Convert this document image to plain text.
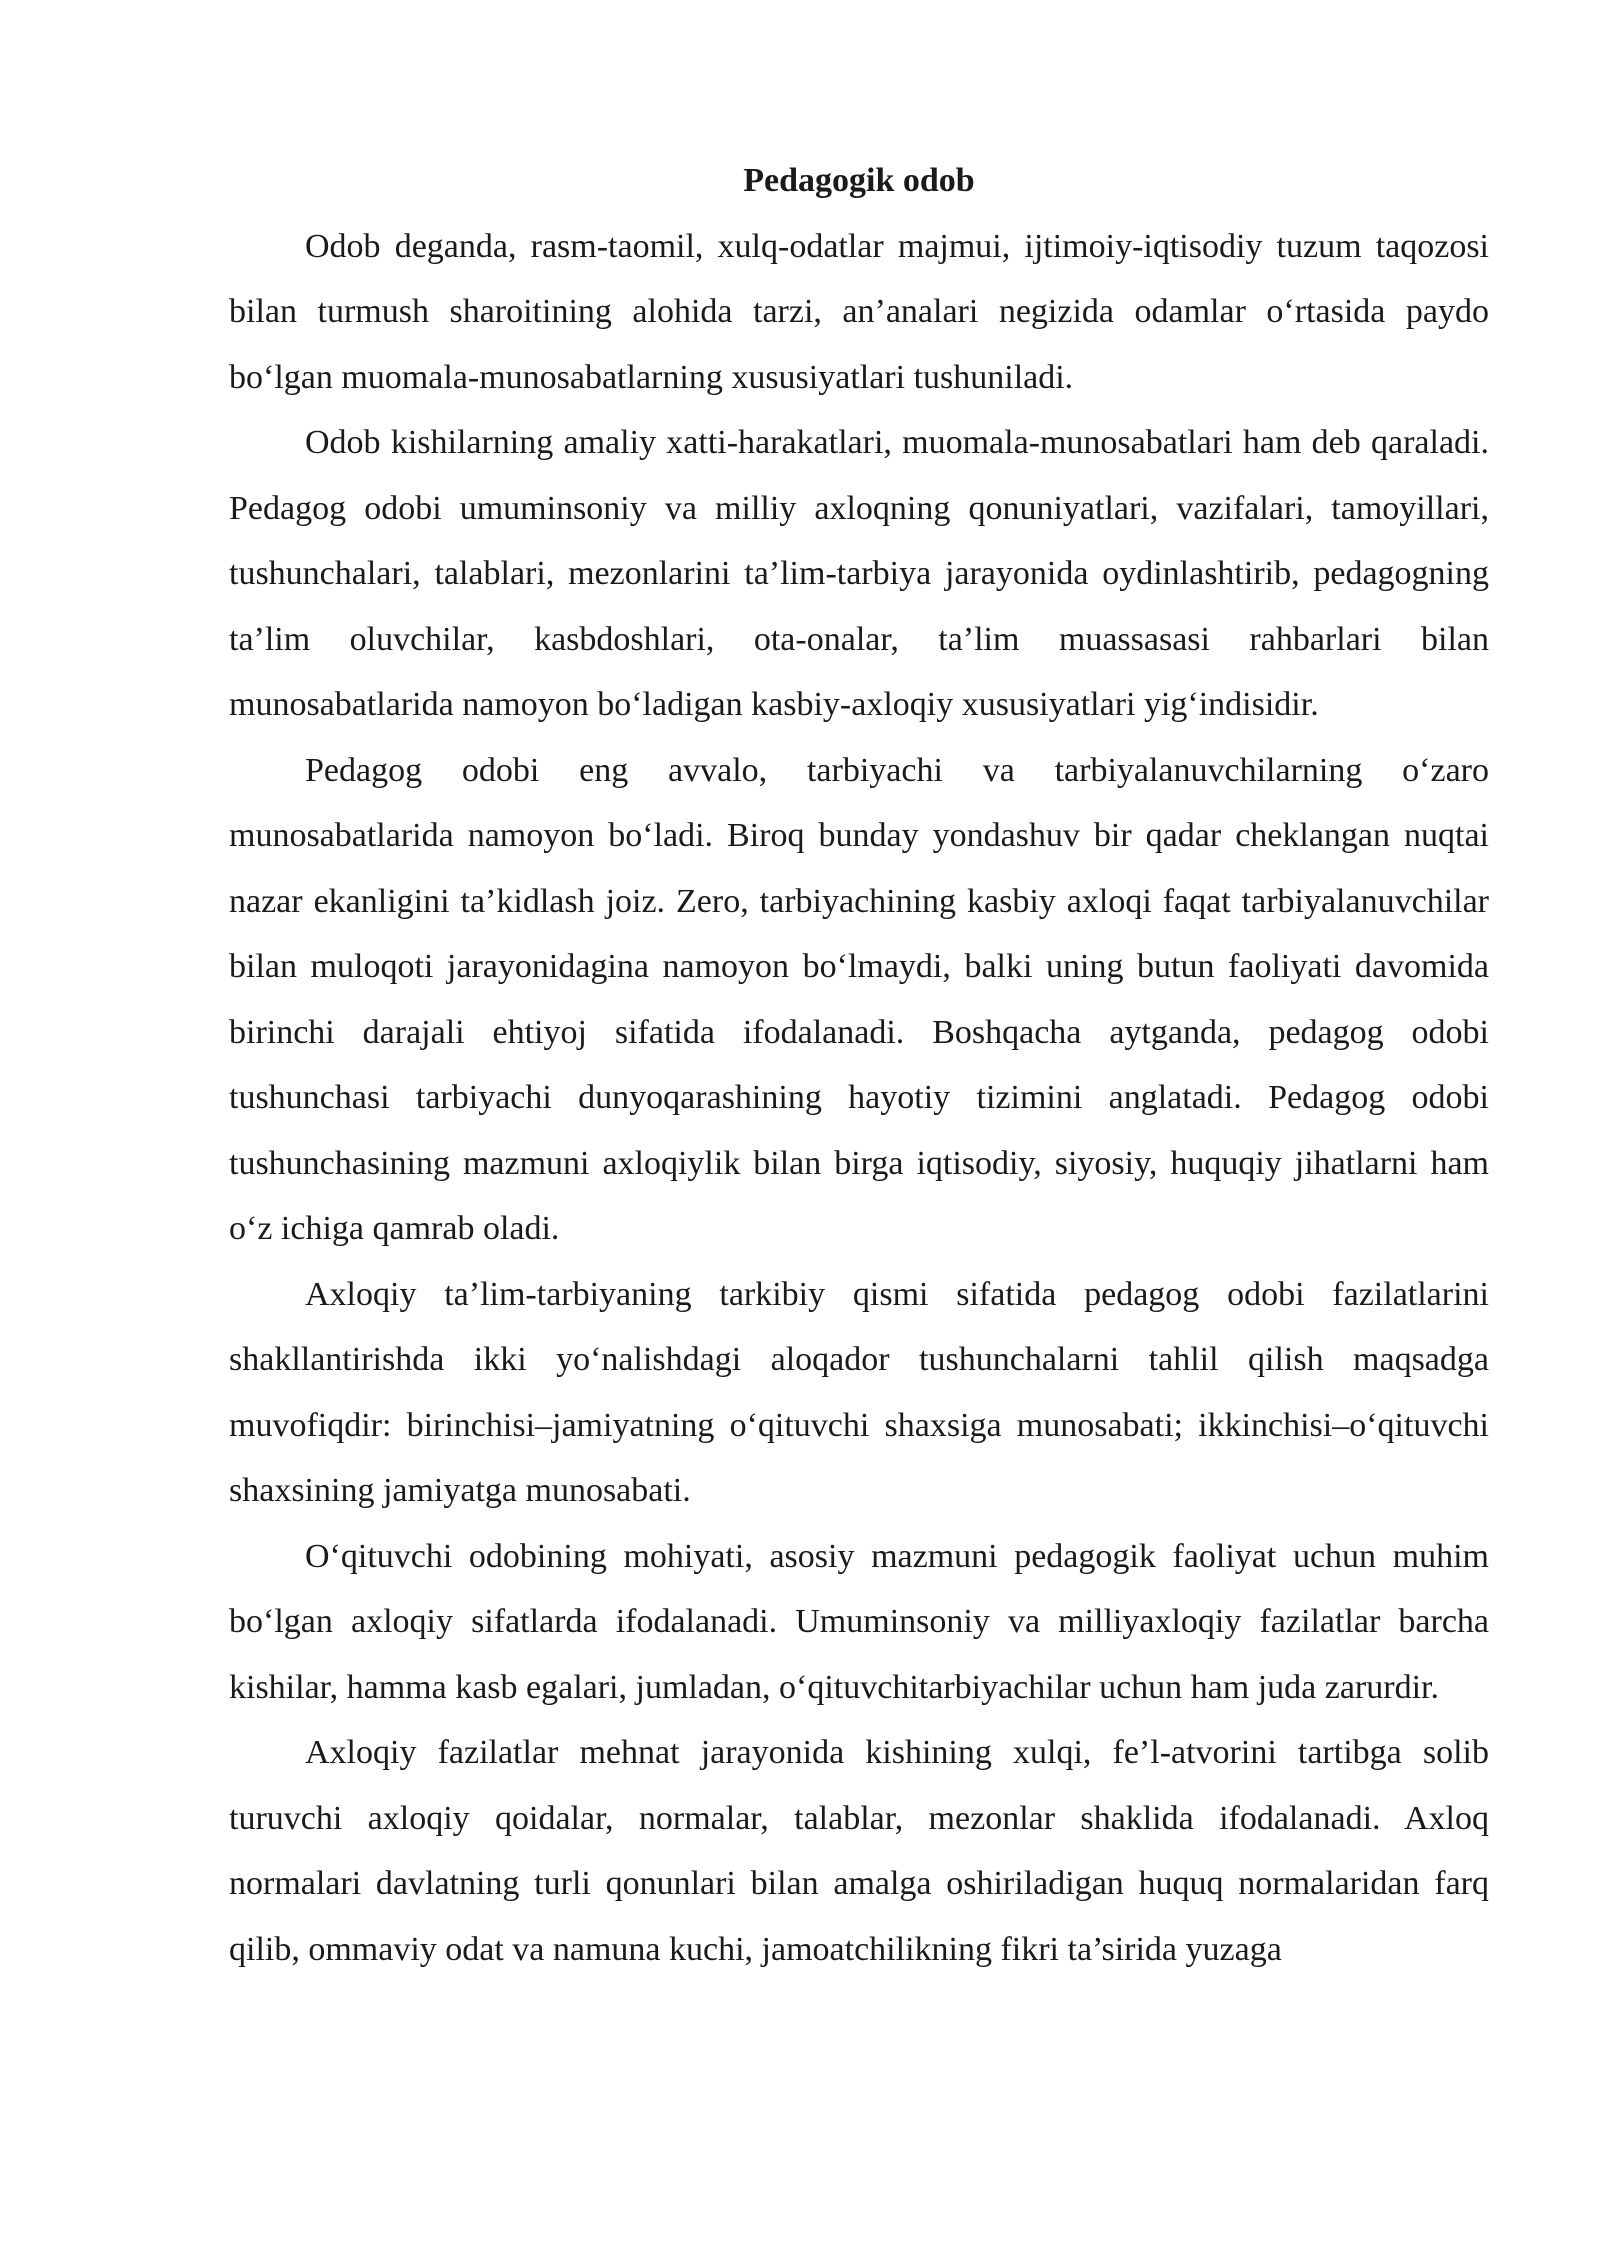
Pedagogik odob

Odob deganda, rasm-taomil, xulq-odatlar majmui, ijtimoiy-iqtisodiy tuzum taqozosi bilan turmush sharoitining alohida tarzi, an’analari negizida odamlar o‘rtasida paydo bo‘lgan muomala-munosabatlarning xususiyatlari tushuniladi.

Odob kishilarning amaliy xatti-harakatlari, muomala-munosabatlari ham deb qaraladi. Pedagog odobi umuminsoniy va milliy axloqning qonuniyatlari, vazifalari, tamoyillari, tushunchalari, talablari, mezonlarini ta’lim-tarbiya jarayonida oydinlashtirib, pedagogning ta’lim oluvchilar, kasbdoshlari, ota-onalar, ta’lim muassasasi rahbarlari bilan munosabatlarida namoyon bo‘ladigan kasbiy-axloqiy xususiyatlari yig‘indisidir.

Pedagog odobi eng avvalo, tarbiyachi va tarbiyalanuvchilarning o‘zaro munosabatlarida namoyon bo‘ladi. Biroq bunday yondashuv bir qadar cheklangan nuqtai nazar ekanligini ta’kidlash joiz. Zero, tarbiyachining kasbiy axloqi faqat tarbiyalanuvchilar bilan muloqoti jarayonidagina namoyon bo‘lmaydi, balki uning butun faoliyati davomida birinchi darajali ehtiyoj sifatida ifodalanadi. Boshqacha aytganda, pedagog odobi tushunchasi tarbiyachi dunyoqarashining hayotiy tizimini anglatadi. Pedagog odobi tushunchasining mazmuni axloqiylik bilan birga iqtisodiy, siyosiy, huquqiy jihatlarni ham o‘z ichiga qamrab oladi.

Axloqiy ta’lim-tarbiyaning tarkibiy qismi sifatida pedagog odobi fazilatlarini shakllantirishda ikki yo‘nalishdagi aloqador tushunchalarni tahlil qilish maqsadga muvofiqdir: birinchisi–jamiyatning o‘qituvchi shaxsiga munosabati; ikkinchisi–o‘qituvchi shaxsining jamiyatga munosabati.

O‘qituvchi odobining mohiyati, asosiy mazmuni pedagogik faoliyat uchun muhim bo‘lgan axloqiy sifatlarda ifodalanadi. Umuminsoniy va milliyaxloqiy fazilatlar barcha kishilar, hamma kasb egalari, jumladan, o‘qituvchitarbiyachilar uchun ham juda zarurdir.

Axloqiy fazilatlar mehnat jarayonida kishining xulqi, fe’l-atvorini tartibga solib turuvchi axloqiy qoidalar, normalar, talablar, mezonlar shaklida ifodalanadi. Axloq normalari davlatning turli qonunlari bilan amalga oshiriladigan huquq normalaridan farq qilib, ommaviy odat va namuna kuchi, jamoatchilikning fikri ta’sirida yuzaga
